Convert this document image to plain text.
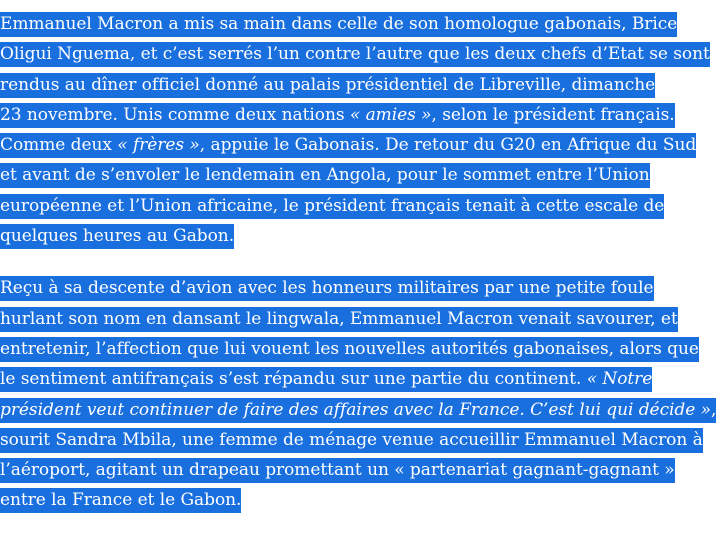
Emmanuel Macron a mis sa main dans celle de son homologue gabonais, Brice
Oligui Nguema, et c’est serrés l’un contre l’autre que les deux chefs d’Etat se sont
rendus au dîner officiel donné au palais présidentiel de Libreville, dimanche
23 novembre. Unis comme deux nations « amies », selon le président français.
Comme deux « frères », appuie le Gabonais. De retour du G20 en Afrique du Sud
et avant de s’envoler le lendemain en Angola, pour le sommet entre l’Union
européenne et l’Union africaine, le président français tenait à cette escale de
quelques heures au Gabon.

Reçu à sa descente d’avion avec les honneurs militaires par une petite foule
hurlant son nom en dansant le lingwala, Emmanuel Macron venait savourer, et
entretenir, l’affection que lui vouent les nouvelles autorités gabonaises, alors que
le sentiment antifrançais s’est répandu sur une partie du continent. « Notre
président veut continuer de faire des affaires avec la France. C’est lui qui décide »,
sourit Sandra Mbila, une femme de ménage venue accueillir Emmanuel Macron à
l’aéroport, agitant un drapeau promettant un « partenariat gagnant-gagnant »
entre la France et le Gabon.
